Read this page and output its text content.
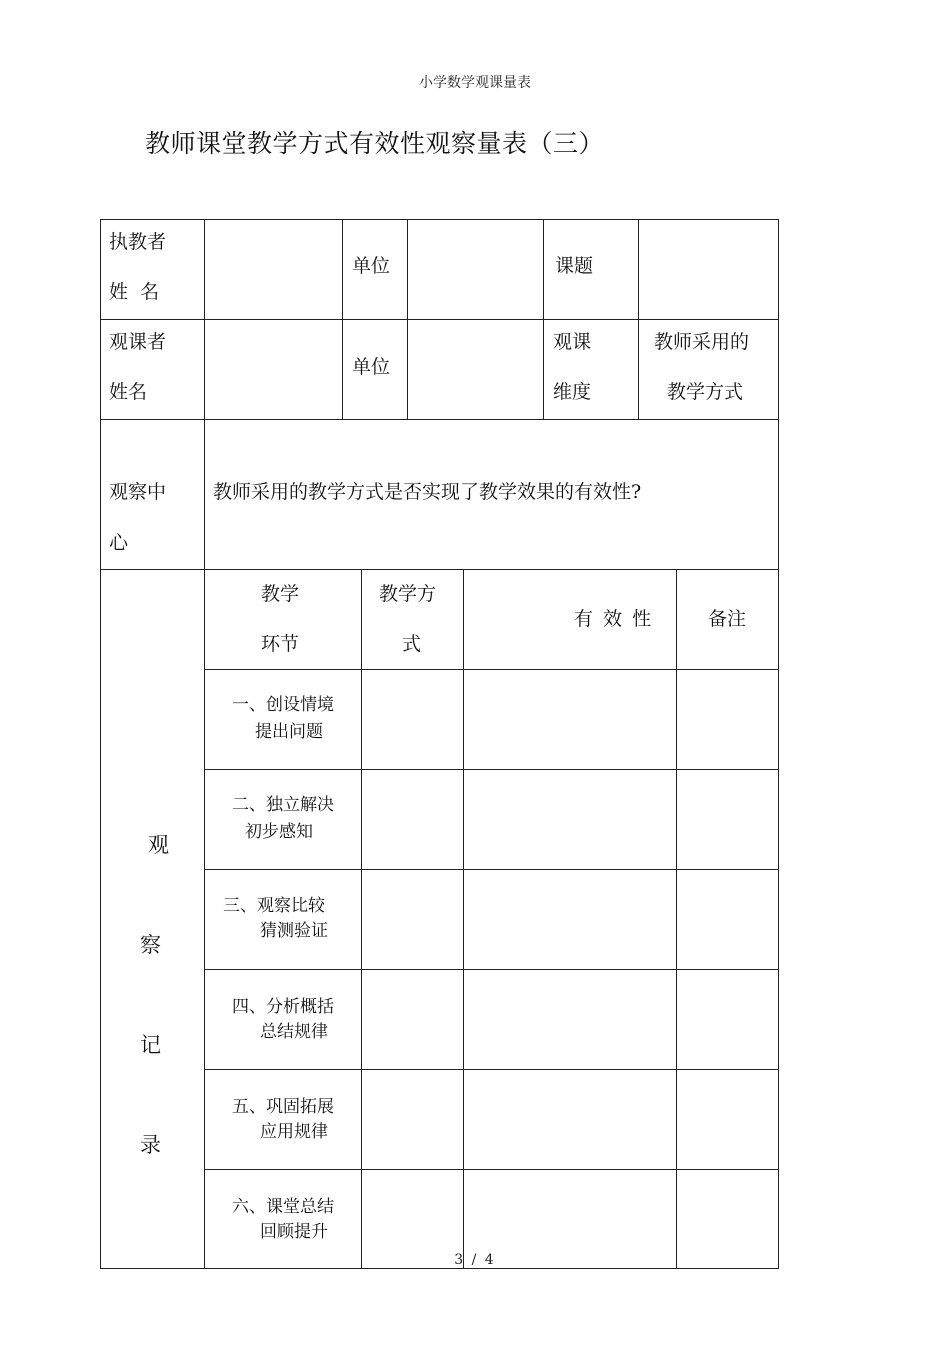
小学数学观课量表
教师课堂教学方式有效性观察量表（三）
执教者
姓  名
单位	课题
观课者
姓名
单位
观课
维度
教师采用的
教学方式
观察中
心
教师采用的教学方式是否实现了教学效果的有效性?
观
察
记
录
教学
环节
教学方
式
有 效 性	备注
一、创设情境
提出问题
二、独立解决
初步感知
三、观察比较
猜测验证
四、分析概括
总结规律
五、巩固拓展
应用规律
六、课堂总结
回顾提升
3 / 4
